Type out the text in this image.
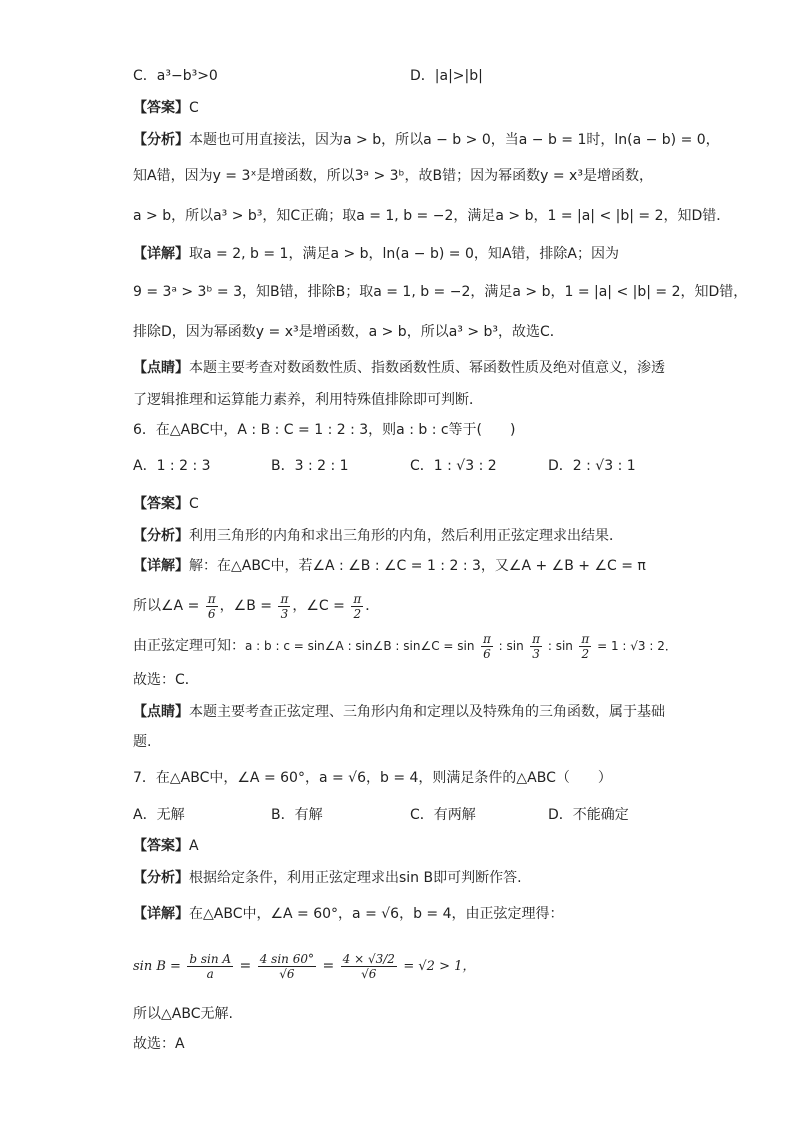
C．a³−b³>0	D．|a|>|b|
【答案】C
【分析】本题也可用直接法，因为a > b，所以a − b > 0，当a − b = 1时，ln(a − b) = 0，
知A错，因为y = 3ˣ是增函数，所以3ᵃ > 3ᵇ，故B错；因为幂函数y = x³是增函数，
a > b，所以a³ > b³，知C正确；取a = 1, b = −2，满足a > b，1 = |a| < |b| = 2，知D错．
【详解】取a = 2, b = 1，满足a > b，ln(a − b) = 0，知A错，排除A；因为
9 = 3ᵃ > 3ᵇ = 3，知B错，排除B；取a = 1, b = −2，满足a > b，1 = |a| < |b| = 2，知D错，
排除D，因为幂函数y = x³是增函数，a > b，所以a³ > b³，故选C．
【点睛】本题主要考查对数函数性质、指数函数性质、幂函数性质及绝对值意义，渗透
了逻辑推理和运算能力素养，利用特殊值排除即可判断．
6．在△ABC中，A : B : C = 1 : 2 : 3，则a : b : c等于(　　)
A．1 : 2 : 3	B．3 : 2 : 1	C．1 : √3 : 2	D．2 : √3 : 1
【答案】C
【分析】利用三角形的内角和求出三角形的内角，然后利用正弦定理求出结果．
【详解】解：在△ABC中，若∠A : ∠B : ∠C = 1 : 2 : 3，又∠A + ∠B + ∠C = π
所以∠A = $\frac{\pi}{6}$ ，∠B = $\frac{\pi}{3}$ ，∠C = $\frac{\pi}{2}$ ．
由正弦定理可知：a : b : c = sin∠A : sin∠B : sin∠C = $\sin \frac{\pi}{6}$ : $\sin \frac{\pi}{3}$ : $\sin \frac{\pi}{2} = 1$ : √3 : 2．
故选：C．
【点睛】本题主要考查正弦定理、三角形内角和定理以及特殊角的三角函数，属于基础
题.
7．在△ABC中，∠A = 60°，a = √6，b = 4，则满足条件的△ABC（　　）
A．无解	B．有解	C．有两解	D．不能确定
【答案】A
【分析】根据给定条件，利用正弦定理求出sin B即可判断作答.
【详解】在△ABC中，∠A = 60°，a = √6，b = 4，由正弦定理得：
$\sin B = \frac{\text{b sin A}}{a} = \frac{4 \sin 60^\circ}{√6} = \frac{4 \times √3/2}{√6} = √2 > 1$，
所以△ABC无解.
故选：A
